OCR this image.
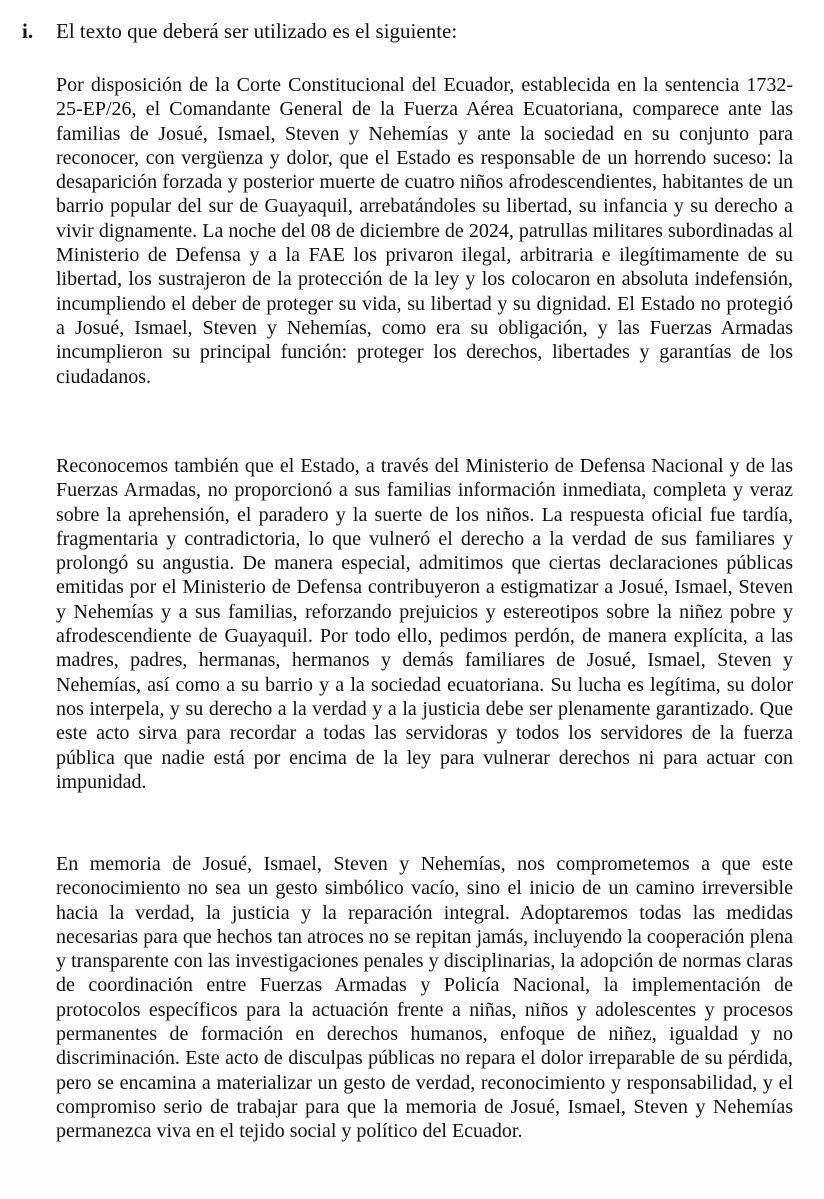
i. El texto que deberá ser utilizado es el siguiente:

Por disposición de la Corte Constitucional del Ecuador, establecida en la sentencia 1732-25-EP/26, el Comandante General de la Fuerza Aérea Ecuatoriana, comparece ante las familias de Josué, Ismael, Steven y Nehemías y ante la sociedad en su conjunto para reconocer, con vergüenza y dolor, que el Estado es responsable de un horrendo suceso: la desaparición forzada y posterior muerte de cuatro niños afrodescendientes, habitantes de un barrio popular del sur de Guayaquil, arrebatándoles su libertad, su infancia y su derecho a vivir dignamente. La noche del 08 de diciembre de 2024, patrullas militares subordinadas al Ministerio de Defensa y a la FAE los privaron ilegal, arbitraria e ilegítimamente de su libertad, los sustrajeron de la protección de la ley y los colocaron en absoluta indefensión, incumpliendo el deber de proteger su vida, su libertad y su dignidad. El Estado no protegió a Josué, Ismael, Steven y Nehemías, como era su obligación, y las Fuerzas Armadas incumplieron su principal función: proteger los derechos, libertades y garantías de los ciudadanos.

Reconocemos también que el Estado, a través del Ministerio de Defensa Nacional y de las Fuerzas Armadas, no proporcionó a sus familias información inmediata, completa y veraz sobre la aprehensión, el paradero y la suerte de los niños. La respuesta oficial fue tardía, fragmentaria y contradictoria, lo que vulneró el derecho a la verdad de sus familiares y prolongó su angustia. De manera especial, admitimos que ciertas declaraciones públicas emitidas por el Ministerio de Defensa contribuyeron a estigmatizar a Josué, Ismael, Steven y Nehemías y a sus familias, reforzando prejuicios y estereotipos sobre la niñez pobre y afrodescendiente de Guayaquil. Por todo ello, pedimos perdón, de manera explícita, a las madres, padres, hermanas, hermanos y demás familiares de Josué, Ismael, Steven y Nehemías, así como a su barrio y a la sociedad ecuatoriana. Su lucha es legítima, su dolor nos interpela, y su derecho a la verdad y a la justicia debe ser plenamente garantizado. Que este acto sirva para recordar a todas las servidoras y todos los servidores de la fuerza pública que nadie está por encima de la ley para vulnerar derechos ni para actuar con impunidad.

En memoria de Josué, Ismael, Steven y Nehemías, nos comprometemos a que este reconocimiento no sea un gesto simbólico vacío, sino el inicio de un camino irreversible hacia la verdad, la justicia y la reparación integral. Adoptaremos todas las medidas necesarias para que hechos tan atroces no se repitan jamás, incluyendo la cooperación plena y transparente con las investigaciones penales y disciplinarias, la adopción de normas claras de coordinación entre Fuerzas Armadas y Policía Nacional, la implementación de protocolos específicos para la actuación frente a niñas, niños y adolescentes y procesos permanentes de formación en derechos humanos, enfoque de niñez, igualdad y no discriminación. Este acto de disculpas públicas no repara el dolor irreparable de su pérdida, pero se encamina a materializar un gesto de verdad, reconocimiento y responsabilidad, y el compromiso serio de trabajar para que la memoria de Josué, Ismael, Steven y Nehemías permanezca viva en el tejido social y político del Ecuador.
